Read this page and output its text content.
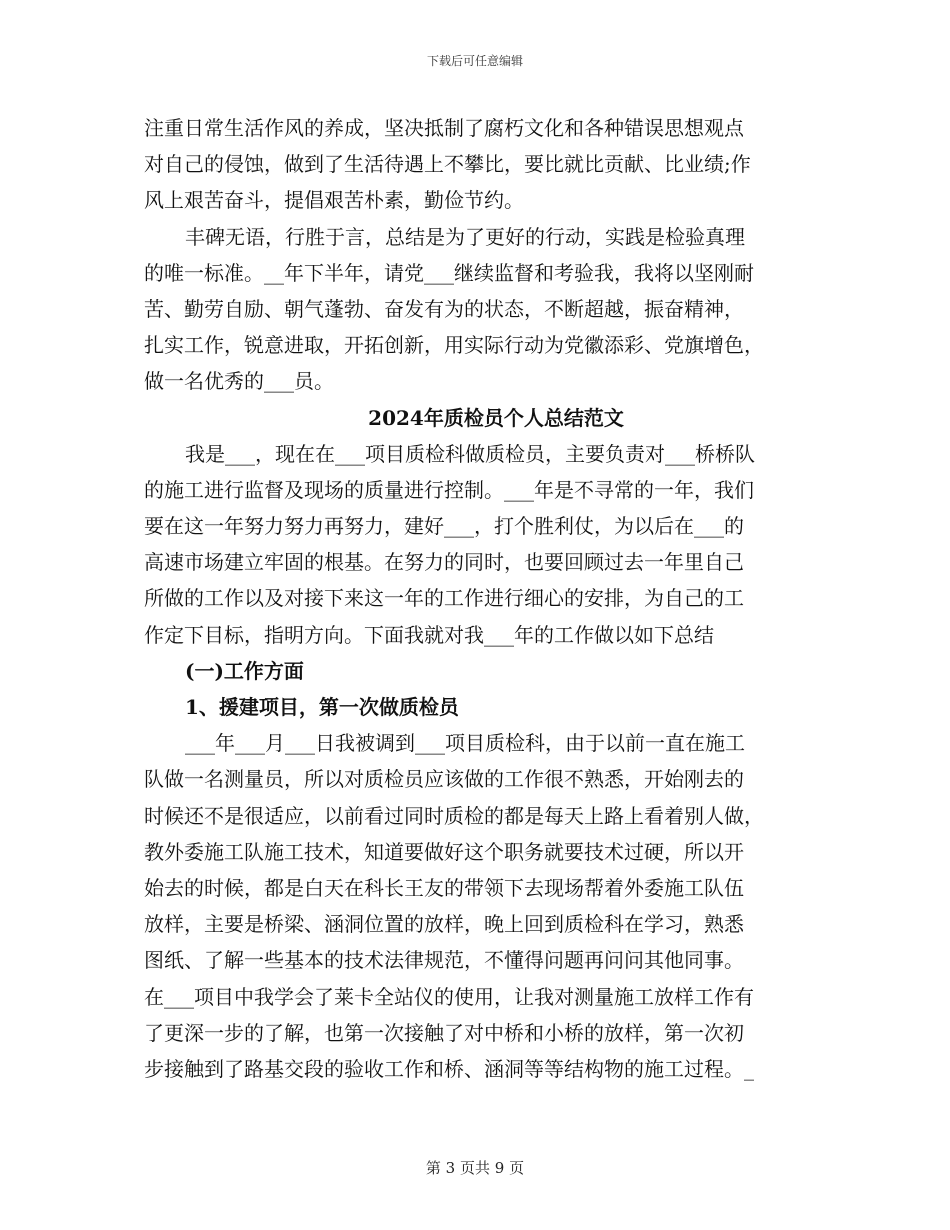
下载后可任意编辑
注重日常生活作风的养成，坚决抵制了腐朽文化和各种错误思想观点
对自己的侵蚀，做到了生活待遇上不攀比，要比就比贡献、比业绩;作
风上艰苦奋斗，提倡艰苦朴素，勤俭节约。
丰碑无语，行胜于言，总结是为了更好的行动，实践是检验真理
的唯一标准。__年下半年，请党___继续监督和考验我，我将以坚刚耐
苦、勤劳自励、朝气蓬勃、奋发有为的状态，不断超越，振奋精神，
扎实工作，锐意进取，开拓创新，用实际行动为党徽添彩、党旗增色，
做一名优秀的___员。
2024年质检员个人总结范文
我是___，现在在___项目质检科做质检员，主要负责对___桥桥队
的施工进行监督及现场的质量进行控制。___年是不寻常的一年，我们
要在这一年努力努力再努力，建好___，打个胜利仗，为以后在___的
高速市场建立牢固的根基。在努力的同时，也要回顾过去一年里自己
所做的工作以及对接下来这一年的工作进行细心的安排，为自己的工
作定下目标，指明方向。下面我就对我___年的工作做以如下总结
(一)工作方面
1、援建项目，第一次做质检员
___年___月___日我被调到___项目质检科，由于以前一直在施工
队做一名测量员，所以对质检员应该做的工作很不熟悉，开始刚去的
时候还不是很适应，以前看过同时质检的都是每天上路上看着别人做，
教外委施工队施工技术，知道要做好这个职务就要技术过硬，所以开
始去的时候，都是白天在科长王友的带领下去现场帮着外委施工队伍
放样，主要是桥梁、涵洞位置的放样，晚上回到质检科在学习，熟悉
图纸、了解一些基本的技术法律规范，不懂得问题再问问其他同事。
在___项目中我学会了莱卡全站仪的使用，让我对测量施工放样工作有
了更深一步的了解，也第一次接触了对中桥和小桥的放样，第一次初
步接触到了路基交段的验收工作和桥、涵洞等等结构物的施工过程。_
第 3 页共 9 页
